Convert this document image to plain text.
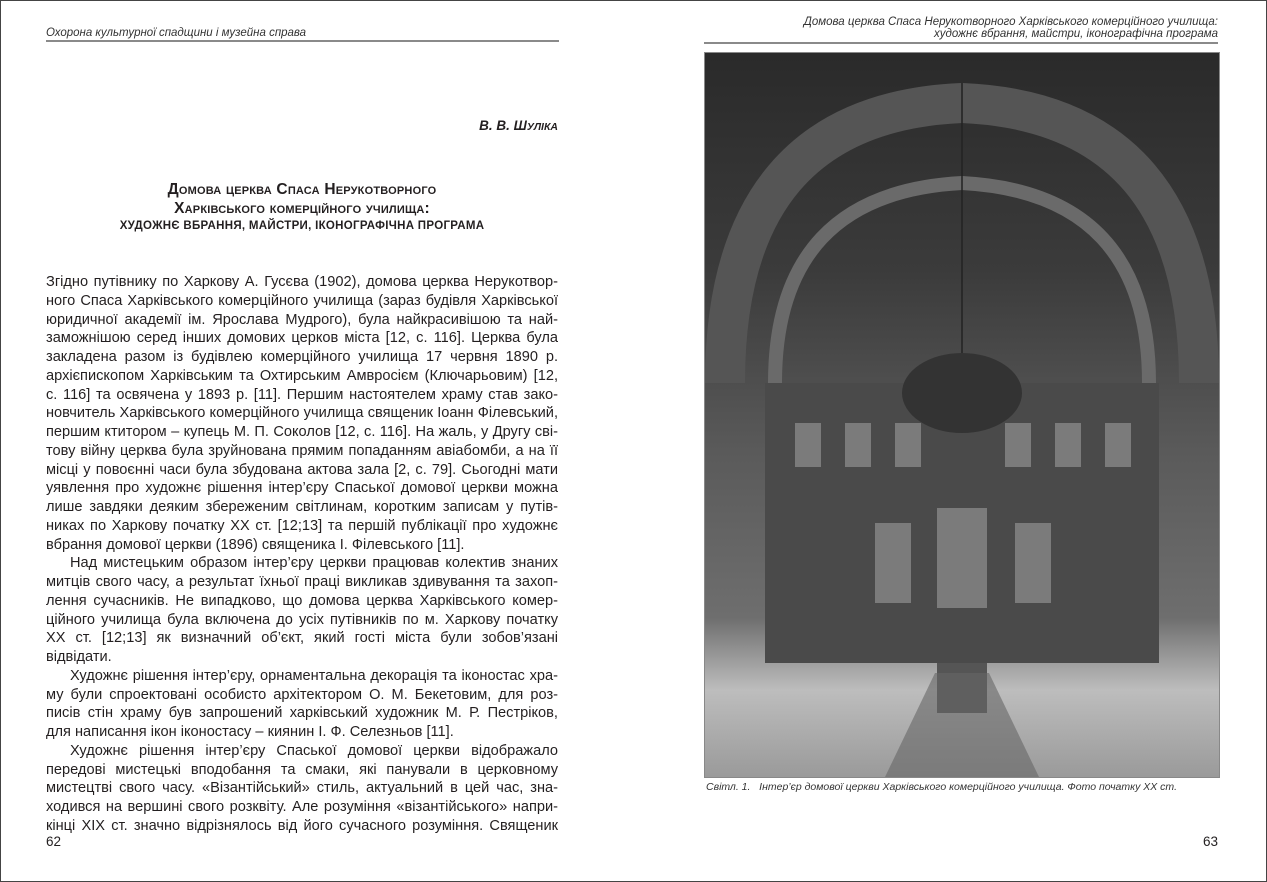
Охорона культурної спадщини і музейна справа
В. В. ШУЛІКА
Домова церква Спаса Нерукотворного
Харківського комерційного училища:
ХУДОЖНЄ ВБРАННЯ, МАЙСТРИ, ІКОНОГРАФІЧНА ПРОГРАМА
Згідно путівнику по Харкову А. Гусєва (1902), домова церква Нерукотвор-
ного Спаса Харківського комерційного училища (зараз будівля Харківської
юридичної академії ім. Ярослава Мудрого), була найкрасивішою та най-
заможнішою серед інших домових церков міста [12, с. 116]. Церква була
закладена разом із будівлею комерційного училища 17 червня 1890 р.
архієпископом Харківським та Охтирським Амвросієм (Ключарьовим) [12,
с. 116] та освячена у 1893 р. [11]. Першим настоятелем храму став зако-
новчитель Харківського комерційного училища священик Іоанн Філевський,
першим ктитором – купець М. П. Соколов [12, с. 116]. На жаль, у Другу сві-
тову війну церква була зруйнована прямим попаданням авіабомби, а на її
місці у повоєнні часи була збудована актова зала [2, с. 79]. Сьогодні мати
уявлення про художнє рішення інтер’єру Спаської домової церкви можна
лише завдяки деяким збереженим світлинам, коротким записам у путів-
никах по Харкову початку ХХ ст. [12;13] та першій публікації про художнє
вбрання домової церкви (1896) священика І. Філевського [11].
Над мистецьким образом інтер’єру церкви працював колектив знаних
митців свого часу, а результат їхньої праці викликав здивування та захоп-
лення сучасників. Не випадково, що домова церква Харківського комер-
ційного училища була включена до усіх путівників по м. Харкову початку
ХХ ст. [12;13] як визначний об’єкт, який гості міста були зобов’язані
відвідати.
Художнє рішення інтер’єру, орнаментальна декорація та іконостас хра-
му були спроектовані особисто архітектором О. М. Бекетовим, для роз-
писів стін храму був запрошений харківський художник М. Р. Пестріков,
для написання ікон іконостасу – киянин І. Ф. Селезньов [11].
Художнє рішення інтер’єру Спаської домової церкви відображало
передові мистецькі вподобання та смаки, які панували в церковному
мистецтві свого часу. «Візантійський» стиль, актуальний в цей час, зна-
ходився на вершині свого розквіту. Але розуміння «візантійського» напри-
кінці ХІХ ст. значно відрізнялось від його сучасного розуміння. Священик
62
Домова церква Спаса Нерукотворного Харківського комерційного училища:
художнє вбрання, майстри, іконографічна програма
Світл. 1.   Інтер’єр домової церкви Харківського комерційного училища. Фото початку ХХ ст.
63
